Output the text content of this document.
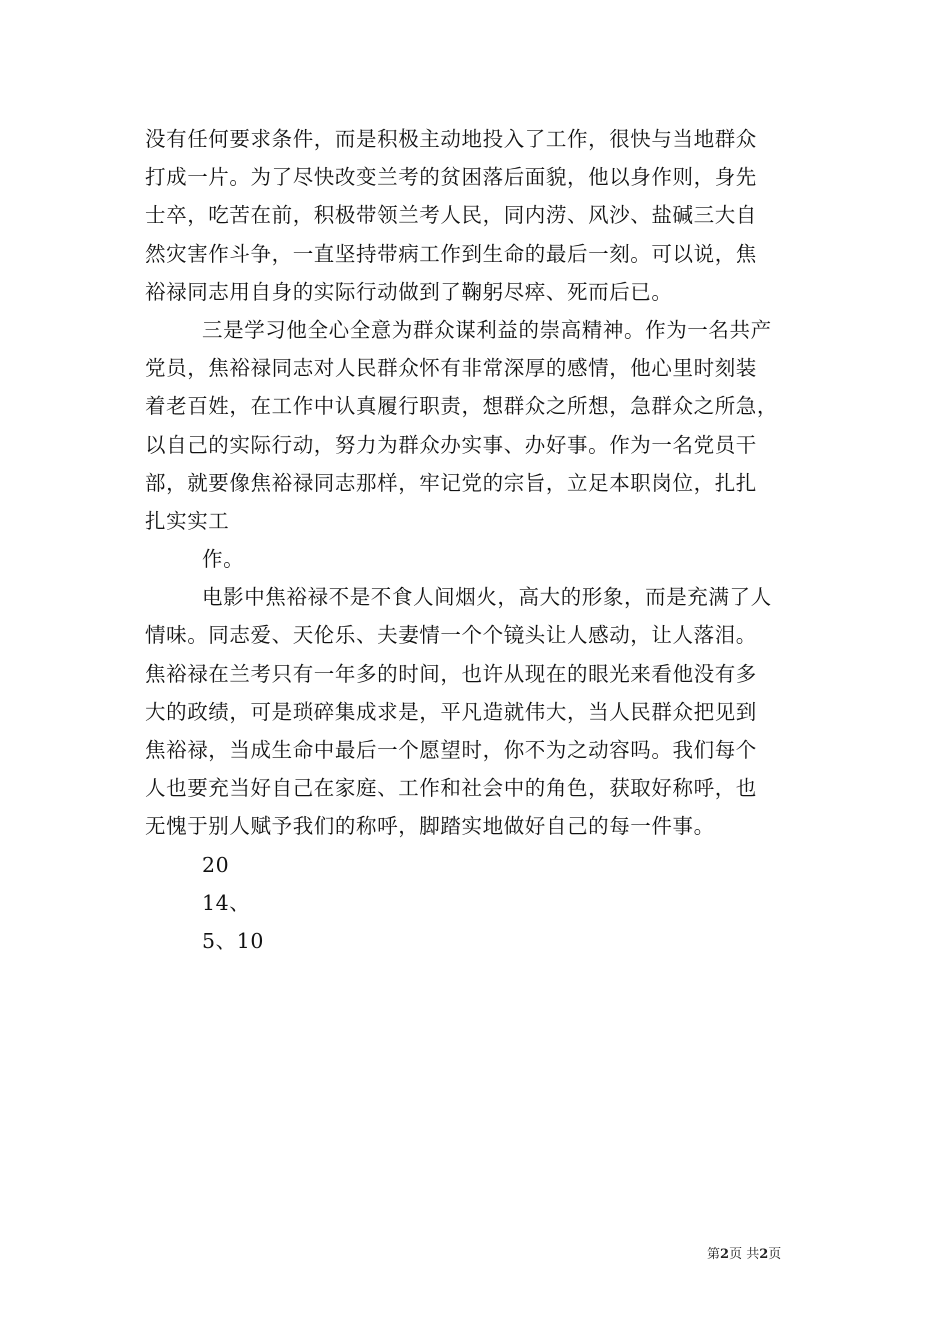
没有任何要求条件，而是积极主动地投入了工作，很快与当地群众
打成一片。为了尽快改变兰考的贫困落后面貌，他以身作则，身先
士卒，吃苦在前，积极带领兰考人民，同内涝、风沙、盐碱三大自
然灾害作斗争，一直坚持带病工作到生命的最后一刻。可以说，焦
裕禄同志用自身的实际行动做到了鞠躬尽瘁、死而后已。
三是学习他全心全意为群众谋利益的崇高精神。作为一名共产
党员，焦裕禄同志对人民群众怀有非常深厚的感情，他心里时刻装
着老百姓，在工作中认真履行职责，想群众之所想，急群众之所急，
以自己的实际行动，努力为群众办实事、办好事。作为一名党员干
部，就要像焦裕禄同志那样，牢记党的宗旨，立足本职岗位，扎扎
扎实实工
作。
电影中焦裕禄不是不食人间烟火，高大的形象，而是充满了人
情味。同志爱、天伦乐、夫妻情一个个镜头让人感动，让人落泪。
焦裕禄在兰考只有一年多的时间，也许从现在的眼光来看他没有多
大的政绩，可是琐碎集成求是，平凡造就伟大，当人民群众把见到
焦裕禄，当成生命中最后一个愿望时，你不为之动容吗。我们每个
人也要充当好自己在家庭、工作和社会中的角色，获取好称呼，也
无愧于别人赋予我们的称呼，脚踏实地做好自己的每一件事。
20
14、
5、10
第2页 共2页
